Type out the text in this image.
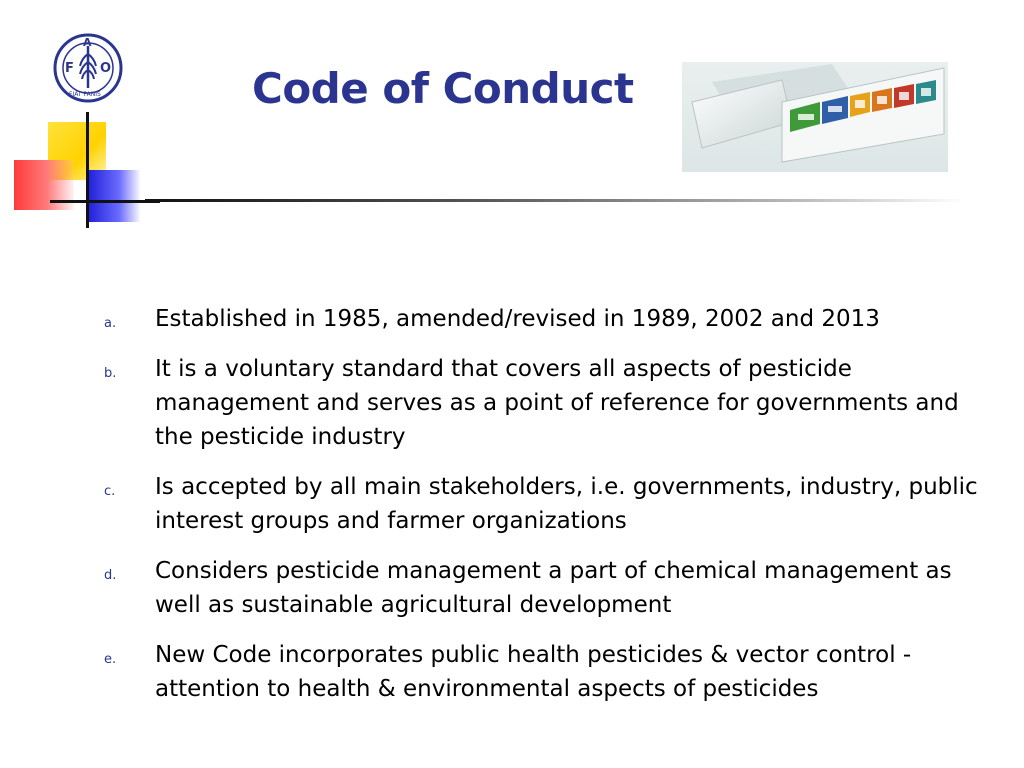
F
A
O
FIAT PANIS	Code of Conduct
a. Established in 1985, amended/revised in 1989, 2002 and 2013
b. It is a voluntary standard that covers all aspects of pesticide management and serves as a point of reference for governments and the pesticide industry
c. Is accepted by all main stakeholders, i.e. governments, industry, public interest groups and farmer organizations
d. Considers pesticide management a part of chemical management as well as sustainable agricultural development
e. New Code incorporates public health pesticides & vector control - attention to health & environmental aspects of pesticides
